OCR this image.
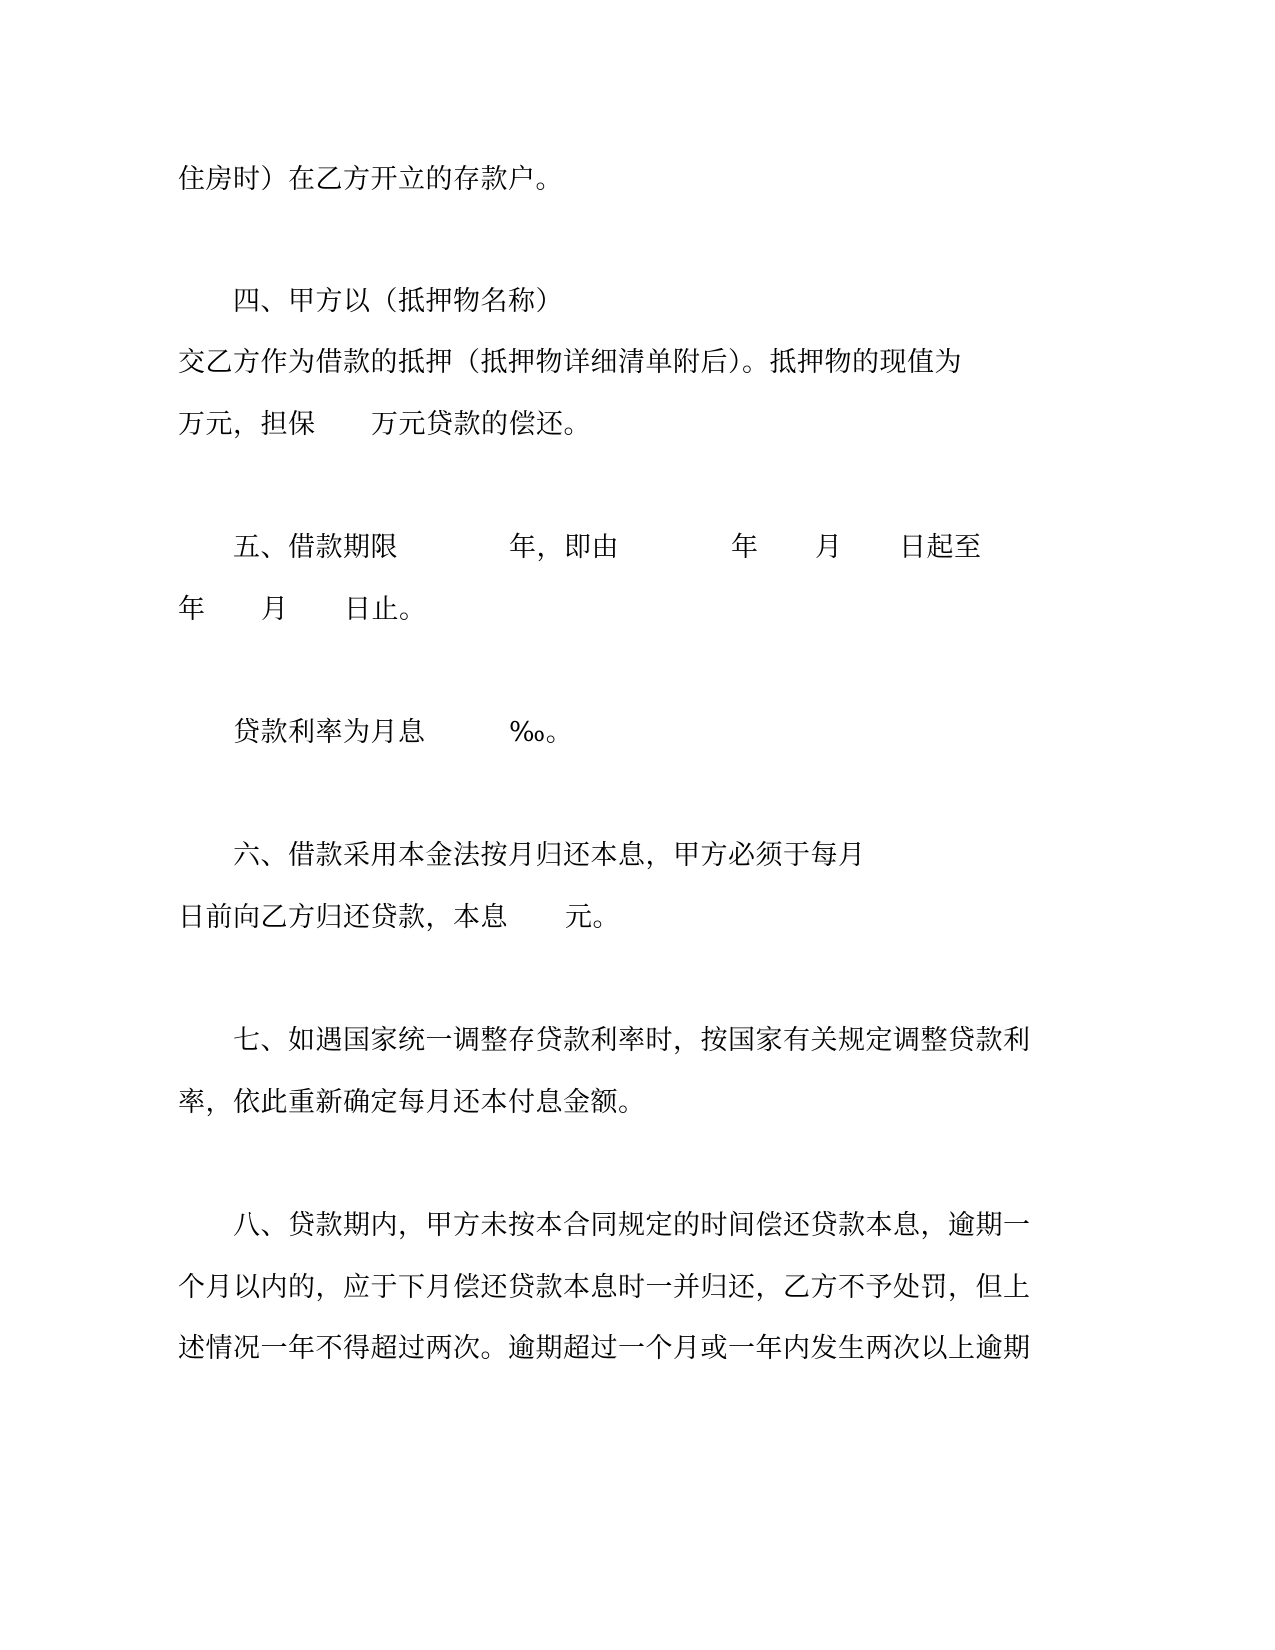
住房时）在乙方开立的存款户。
四、甲方以（抵押物名称）
交乙方作为借款的抵押（抵押物详细清单附后）。抵押物的现值为
万元，担保 万元贷款的偿还。
五、借款期限	年，即由	年 月 日起至
年 月 日止。
贷款利率为月息	‰。
六、借款采用本金法按月归还本息，甲方必须于每月
日前向乙方归还贷款，本息 元。
七、如遇国家统一调整存贷款利率时，按国家有关规定调整贷款利
率，依此重新确定每月还本付息金额。
八、贷款期内，甲方未按本合同规定的时间偿还贷款本息，逾期一
个月以内的，应于下月偿还贷款本息时一并归还，乙方不予处罚，但上
述情况一年不得超过两次。逾期超过一个月或一年内发生两次以上逾期
